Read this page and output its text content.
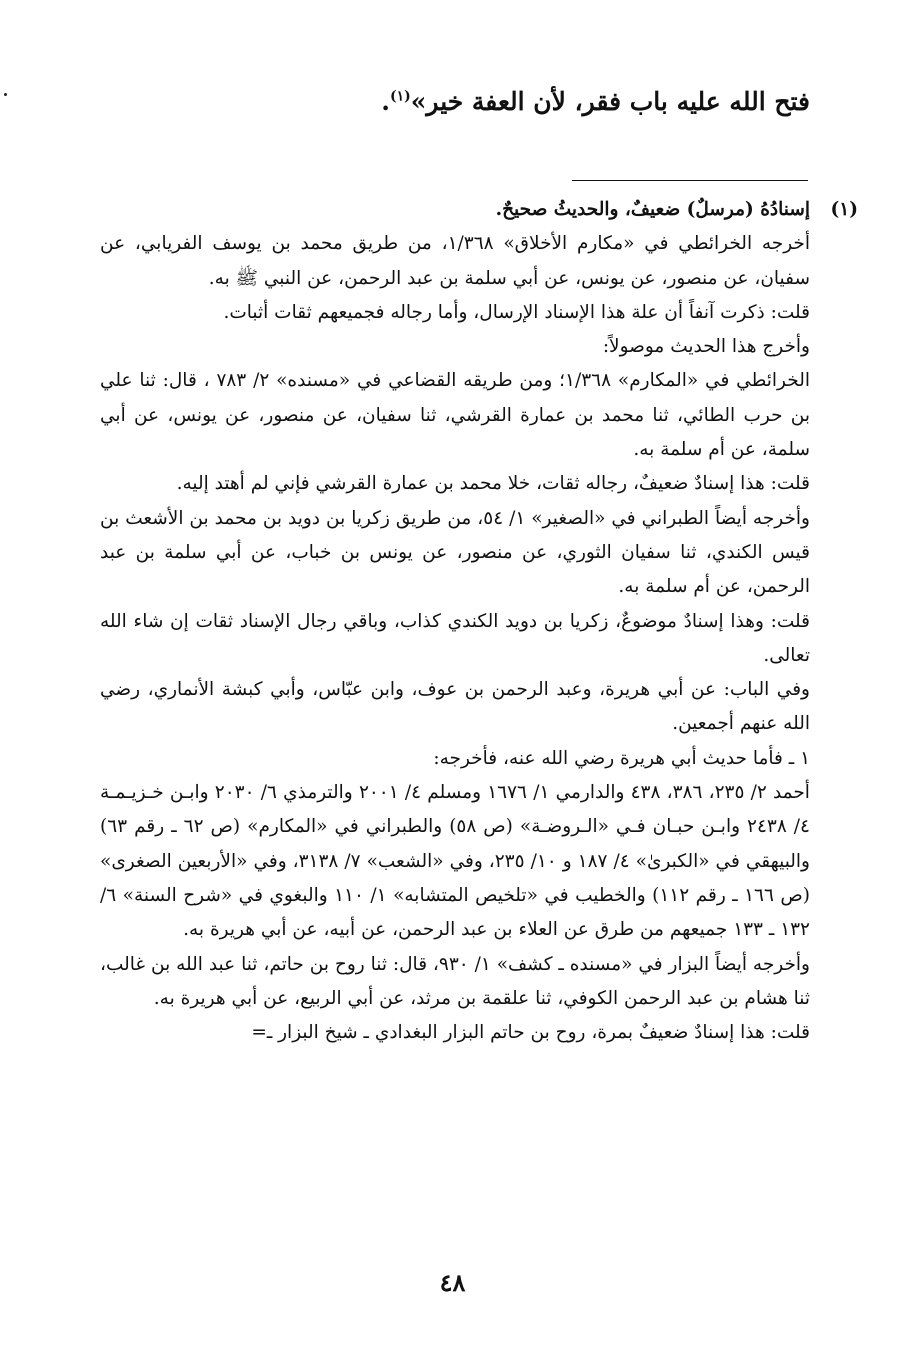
فتح الله عليه باب فقر، لأن العفة خير»$^{(١)}$.
(١)

إسنادُهُ (مرسلٌ) ضعيفٌ، والحديثُ صحيحٌ.

أخرجه الخرائطي في «مكارم الأخلاق» ١/٣٦٨، من طريق محمد بن يوسف الفريابي، عن سفيان، عن منصور، عن يونس، عن أبي سلمة بن عبد الرحمن، عن النبي ﷺ به.

قلت: ذكرت آنفاً أن علة هذا الإسناد الإرسال، وأما رجاله فجميعهم ثقات أثبات.

وأخرج هذا الحديث موصولاً:

الخرائطي في «المكارم» ١/٣٦٨؛ ومن طريقه القضاعي في «مسنده» ٢/ ٧٨٣ ، قال: ثنا علي بن حرب الطائي، ثنا محمد بن عمارة القرشي، ثنا سفيان، عن منصور، عن يونس، عن أبي سلمة، عن أم سلمة به.

قلت: هذا إسنادٌ ضعيفٌ، رجاله ثقات، خلا محمد بن عمارة القرشي فإني لم أهتد إليه.

وأخرجه أيضاً الطبراني في «الصغير» ١/ ٥٤، من طريق زكريا بن دويد بن محمد بن الأشعث بن قيس الكندي، ثنا سفيان الثوري، عن منصور، عن يونس بن خباب، عن أبي سلمة بن عبد الرحمن، عن أم سلمة به.

قلت: وهذا إسنادٌ موضوعٌ، زكريا بن دويد الكندي كذاب، وباقي رجال الإسناد ثقات إن شاء الله تعالى.

وفي الباب: عن أبي هريرة، وعبد الرحمن بن عوف، وابن عبّاس، وأبي كبشة الأنماري، رضي الله عنهم أجمعين.

١ ـ فأما حديث أبي هريرة رضي الله عنه، فأخرجه:

أحمد ٢/ ٢٣٥، ٣٨٦، ٤٣٨ والدارمي ١/ ١٦٧٦ ومسلم ٤/ ٢٠٠١ والترمذي ٦/ ٢٠٣٠ وابـن خـزيـمـة ٤/ ٢٤٣٨ وابـن حبـان فـي «الـروضـة» (ص ٥٨) والطبراني في «المكارم» (ص ٦٢ ـ رقم ٦٣) والبيهقي في «الكبرىٰ» ٤/ ١٨٧ و ١٠/ ٢٣٥، وفي «الشعب» ٧/ ٣١٣٨، وفي «الأربعين الصغرى» (ص ١٦٦ ـ رقم ١١٢) والخطيب في «تلخيص المتشابه» ١/ ١١٠ والبغوي في «شرح السنة» ٦/ ١٣٢ ـ ١٣٣ جميعهم من طرق عن العلاء بن عبد الرحمن، عن أبيه، عن أبي هريرة به.

وأخرجه أيضاً البزار في «مسنده ـ كشف» ١/ ٩٣٠، قال: ثنا روح بن حاتم، ثنا عبد الله بن غالب، ثنا هشام بن عبد الرحمن الكوفي، ثنا علقمة بن مرثد، عن أبي الربيع، عن أبي هريرة به.

قلت: هذا إسنادٌ ضعيفٌ بمرة، روح بن حاتم البزار البغدادي ـ شيخ البزار ـ=

٤٨
